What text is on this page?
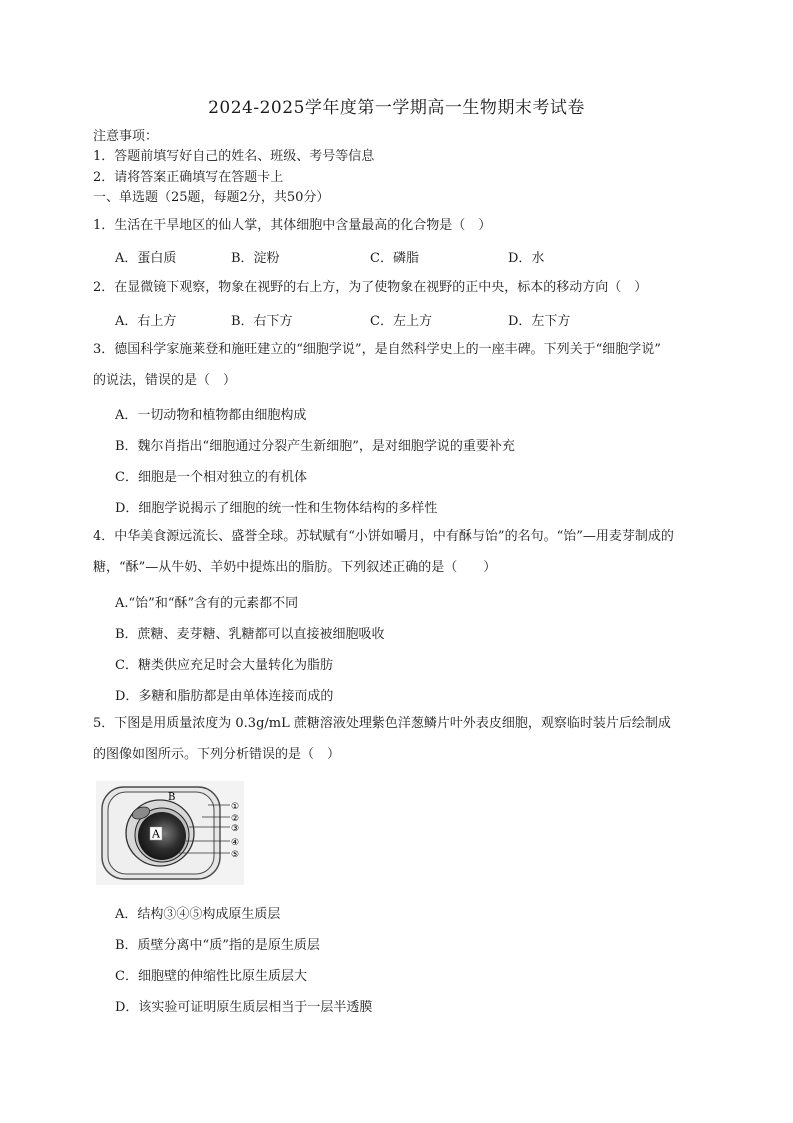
2024-2025学年度第一学期高一生物期末考试卷
注意事项：
1．答题前填写好自己的姓名、班级、考号等信息
2．请将答案正确填写在答题卡上
一、单选题（25题，每题2分，共50分）
1．生活在干旱地区的仙人掌，其体细胞中含量最高的化合物是（　）
A．蛋白质	B．淀粉	C．磷脂	D．水
2．在显微镜下观察，物象在视野的右上方，为了使物象在视野的正中央，标本的移动方向（　）
A．右上方	B．右下方	C．左上方	D．左下方
3．德国科学家施莱登和施旺建立的“细胞学说”，是自然科学史上的一座丰碑。下列关于“细胞学说”
的说法，错误的是（　）
A．一切动物和植物都由细胞构成
B．魏尔肖指出“细胞通过分裂产生新细胞”，是对细胞学说的重要补充
C．细胞是一个相对独立的有机体
D．细胞学说揭示了细胞的统一性和生物体结构的多样性
4．中华美食源远流长、盛誉全球。苏轼赋有“小饼如嚼月，中有酥与饴”的名句。“饴”—用麦芽制成的
糖，“酥”—从牛奶、羊奶中提炼出的脂肪。下列叙述正确的是（　　）
A.“饴”和“酥”含有的元素都不同
B．蔗糖、麦芽糖、乳糖都可以直接被细胞吸收
C．糖类供应充足时会大量转化为脂肪
D．多糖和脂肪都是由单体连接而成的
5．下图是用质量浓度为 0.3g/mL 蔗糖溶液处理紫色洋葱鳞片叶外表皮细胞，观察临时装片后绘制成
的图像如图所示。下列分析错误的是（　）
A
B
①
②
③
④
⑤
A．结构③④⑤构成原生质层
B．质壁分离中“质”指的是原生质层
C．细胞壁的伸缩性比原生质层大
D．该实验可证明原生质层相当于一层半透膜
